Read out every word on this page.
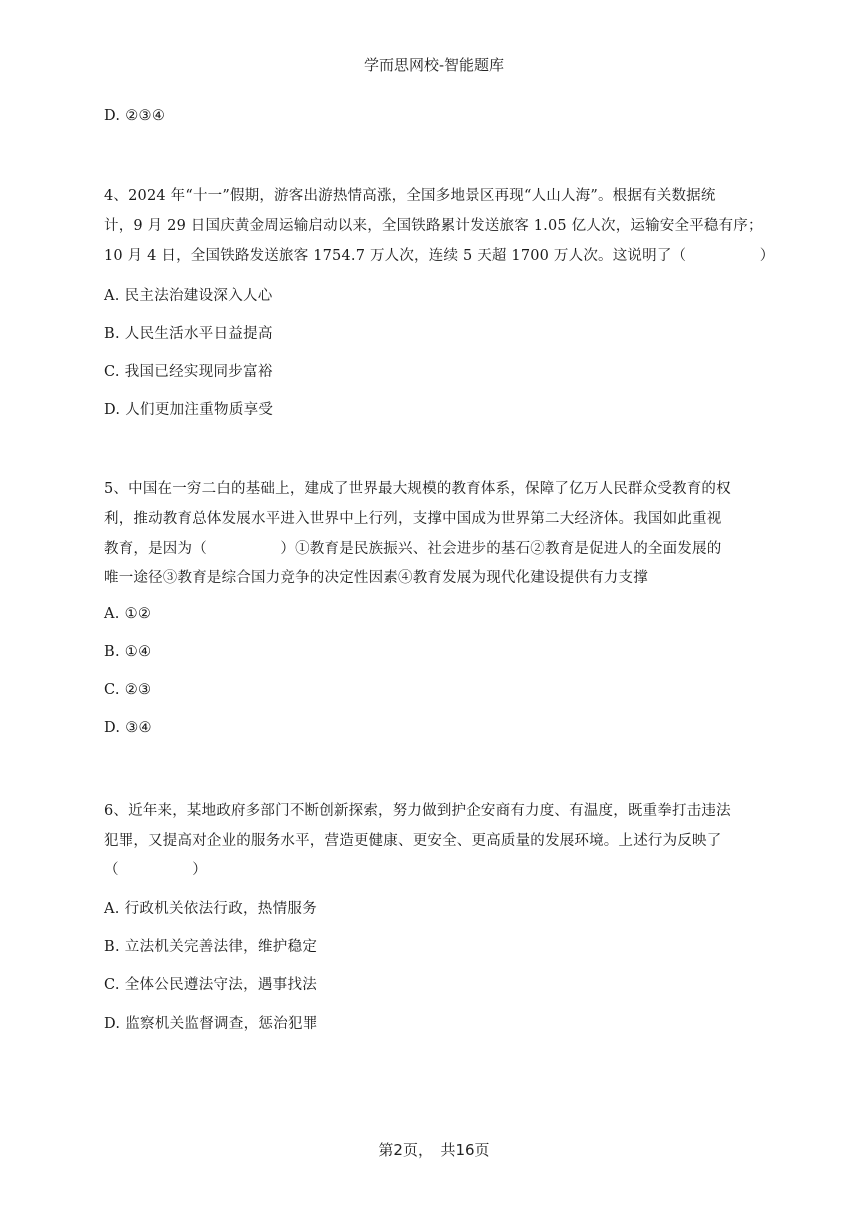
学而思网校-智能题库
D. ②③④
4、2024 年“十一”假期，游客出游热情高涨，全国多地景区再现“人山人海”。根据有关数据统
计，9 月 29 日国庆黄金周运输启动以来，全国铁路累计发送旅客 1.05 亿人次，运输安全平稳有序；
10 月 4 日，全国铁路发送旅客 1754.7 万人次，连续 5 天超 1700 万人次。这说明了（　　　　　）
A. 民主法治建设深入人心
B. 人民生活水平日益提高
C. 我国已经实现同步富裕
D. 人们更加注重物质享受
5、中国在一穷二白的基础上，建成了世界最大规模的教育体系，保障了亿万人民群众受教育的权
利，推动教育总体发展水平进入世界中上行列，支撑中国成为世界第二大经济体。我国如此重视
教育，是因为（　　　　　）①教育是民族振兴、社会进步的基石②教育是促进人的全面发展的
唯一途径③教育是综合国力竞争的决定性因素④教育发展为现代化建设提供有力支撑
A. ①②
B. ①④
C. ②③
D. ③④
6、近年来，某地政府多部门不断创新探索，努力做到护企安商有力度、有温度，既重拳打击违法
犯罪，又提高对企业的服务水平，营造更健康、更安全、更高质量的发展环境。上述行为反映了
（　　　　　）
A. 行政机关依法行政，热情服务
B. 立法机关完善法律，维护稳定
C. 全体公民遵法守法，遇事找法
D. 监察机关监督调查，惩治犯罪
第2页，　共16页
